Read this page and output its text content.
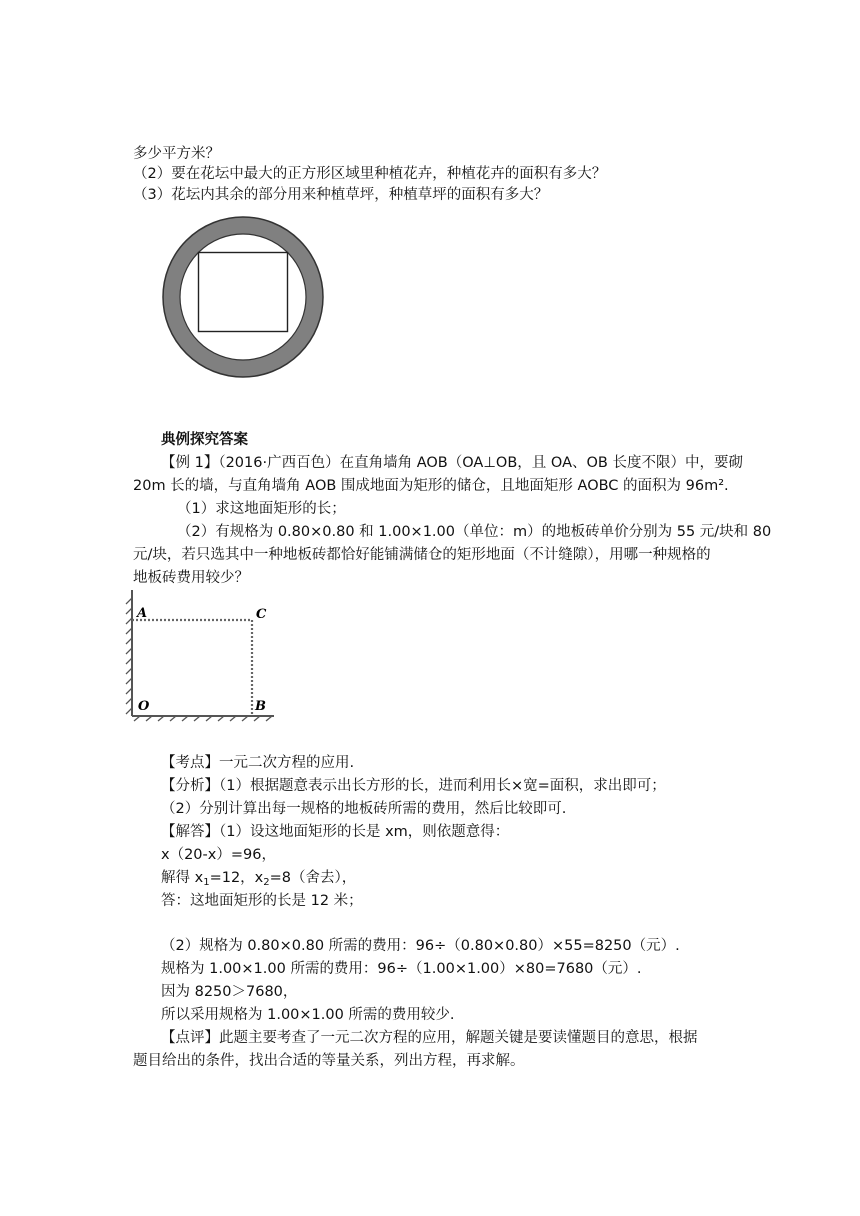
多少平方米？
（2）要在花坛中最大的正方形区域里种植花卉，种植花卉的面积有多大？
（3）花坛内其余的部分用来种植草坪，种植草坪的面积有多大？
典例探究答案
【例 1】（2016·广西百色）在直角墙角 AOB（OA⊥OB，且 OA、OB 长度不限）中，要砌
20m 长的墙，与直角墙角 AOB 围成地面为矩形的储仓，且地面矩形 AOBC 的面积为 96m².
（1）求这地面矩形的长；
（2）有规格为 0.80×0.80 和 1.00×1.00（单位：m）的地板砖单价分别为 55 元/块和 80
元/块，若只选其中一种地板砖都恰好能铺满储仓的矩形地面（不计缝隙），用哪一种规格的
地板砖费用较少？
A	C
O	B
【考点】一元二次方程的应用.
【分析】（1）根据题意表示出长方形的长，进而利用长×宽=面积，求出即可；
（2）分别计算出每一规格的地板砖所需的费用，然后比较即可.
【解答】（1）设这地面矩形的长是 xm，则依题意得：
x（20-x）=96，
解得 $x_1=12$，$x_2=8$（舍去），
答：这地面矩形的长是 12 米；
（2）规格为 0.80×0.80 所需的费用：96÷（0.80×0.80）×55=8250（元）.
规格为 1.00×1.00 所需的费用：96÷（1.00×1.00）×80=7680（元）.
因为 8250＞7680，
所以采用规格为 1.00×1.00 所需的费用较少.
【点评】此题主要考查了一元二次方程的应用，解题关键是要读懂题目的意思，根据
题目给出的条件，找出合适的等量关系，列出方程，再求解。
